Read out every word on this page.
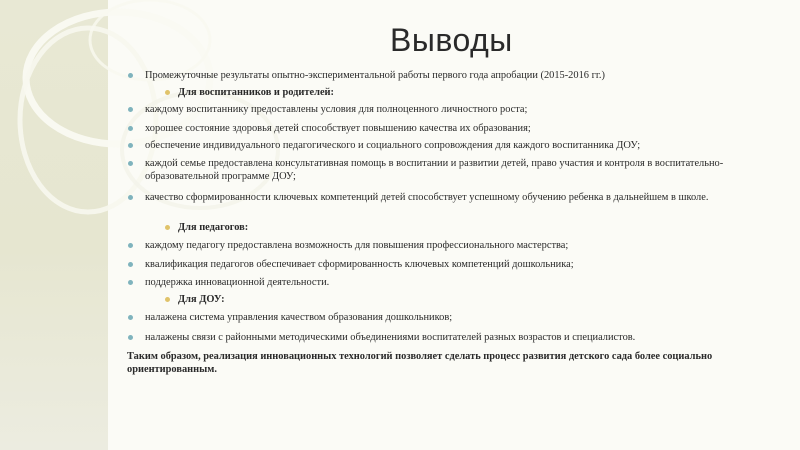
Выводы
Промежуточные результаты опытно-экспериментальной работы первого года апробации (2015-2016 гг.)
Для воспитанников и родителей:
каждому воспитаннику предоставлены условия для полноценного личностного роста;
хорошее состояние здоровья детей способствует повышению качества их образования;
обеспечение индивидуального педагогического и социального сопровождения для каждого воспитанника ДОУ;
каждой семье предоставлена консультативная помощь в воспитании и развитии детей, право участия и контроля в воспитательно-образовательной программе ДОУ;
качество сформированности ключевых компетенций детей способствует успешному обучению ребенка в дальнейшем в школе.
Для педагогов:
каждому педагогу предоставлена возможность для повышения профессионального мастерства;
квалификация педагогов обеспечивает сформированность ключевых компетенций дошкольника;
поддержка инновационной деятельности.
Для ДОУ:
налажена система управления качеством образования дошкольников;
налажены связи с районными методическими объединениями воспитателей разных возрастов и специалистов.
Таким образом, реализация инновационных технологий позволяет сделать процесс развития детского сада более социально ориентированным.
